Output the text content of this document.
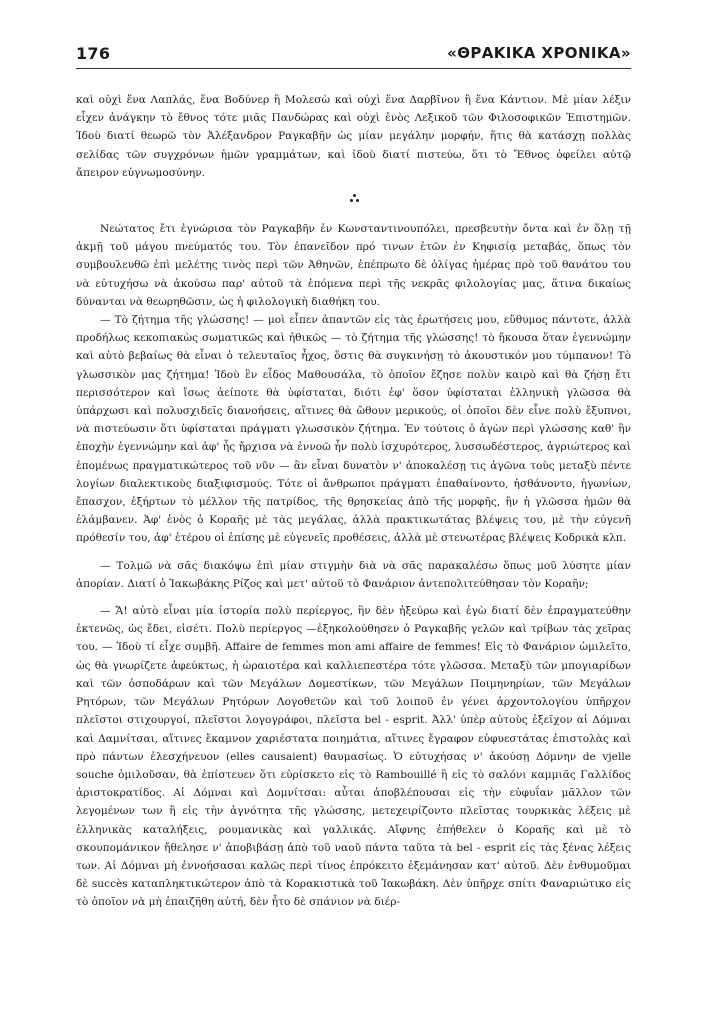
176	«ΘΡΑΚΙΚΑ ΧΡΟΝΙΚΑ»

καὶ οὐχὶ ἕνα Λαπλάς, ἕνα Βοδύνερ ἢ Μολεσὼ καὶ οὐχὶ ἕνα Δαρβῖνον ἢ ἕνα Κάντιον. Μὲ μίαν λέξιν εἶχεν ἀνάγκην τὸ ἔθνος τότε μιᾶς Πανδώρας καὶ οὐχὶ ἑνὸς Λεξικοῦ τῶν Φιλοσοφικῶν Ἐπιστημῶν. Ἰδοὺ διατί θεωρῶ τὸν Ἀλέξανδρον Ραγκαβῆν ὡς μίαν μεγάλην μορφήν, ἥτις θὰ κατάσχῃ πολλὰς σελίδας τῶν συγχρόνων ἡμῶν γραμμάτων, καὶ ἰδοὺ διατί πιστεύω, ὅτι τὸ Ἔθνος ὀφείλει αὐτῷ ἄπειρον εὐγνωμοσύνην.

Νεώτατος ἔτι ἐγνώρισα τὸν Ραγκαβῆν ἐν Κωνσταντινουπόλει, πρεσβευτὴν ὄντα καὶ ἐν ὅλῃ τῇ ἀκμῇ τοῦ μάγου πνεύματός του. Τὸν ἐπανεῖδον πρό τινων ἐτῶν ἐν Κηφισίᾳ μεταβάς, ὅπως τὸν συμβουλευθῶ ἐπὶ μελέτης τινὸς περὶ τῶν Ἀθηνῶν, ἐπέπρωτο δὲ ὀλίγας ἡμέρας πρὸ τοῦ θανάτου του νὰ εὐτυχήσω νὰ ἀκούσω παρ' αὐτοῦ τὰ ἑπόμενα περὶ τῆς νεκρᾶς φιλολογίας μας, ἅτινα δικαίως δύνανται νὰ θεωρηθῶσιν, ὡς ἡ φιλολογικὴ διαθήκη του.

— Τὸ ζήτημα τῆς γλώσσης! — μοὶ εἶπεν ἀπαντῶν εἰς τὰς ἐρωτήσεις μου, εὔθυμος πάντοτε, ἀλλὰ προδήλως κεκοπιακὼς σωματικῶς καὶ ἠθικῶς — τὸ ζήτημα τῆς γλώσσης! τὸ ἤκουσα ὅταν ἐγεννώμην καὶ αὐτὸ βεβαίως θὰ εἶναι ὁ τελευταῖος ἦχος, ὅστις θὰ συγκινήσῃ τὸ ἀκουστικόν μου τύμπανον! Τὸ γλωσσικὸν μας ζήτημα! Ἰδοὺ ἓν εἶδος Μαθουσάλα, τὸ ὁποῖον ἔζησε πολὺν καιρὸ καὶ θὰ ζήσῃ ἔτι περισσότερον καὶ ἴσως ἀείποτε θὰ ὑφίσταται, διότι ἐφ' ὅσον ὑφίσταται ἑλληνικὴ γλῶσσα θὰ ὑπάρχωσι καὶ πολυσχιδεῖς διανοήσεις, αἵτινες θὰ ὤθουν μερικούς, οἱ ὁποῖοι δὲν εἶνε πολὺ ἔξυπνοι, νὰ πιστεύωσιν ὅτι ὑφίσταται πράγματι γλωσσικὸν ζήτημα. Ἐν τούτοις ὁ ἀγὼν περὶ γλώσσης καθ' ἣν ἐποχὴν ἐγεννώμην καὶ ἀφ' ἧς ἤρχισα νὰ ἐννοῶ ἦν πολὺ ἰσχυρότερος, λυσσωδέστερος, ἀγριώτερος καὶ ἑπομένως πραγματικώτερος τοῦ νῦν — ἂν εἶναι δυνατὸν ν' ἀποκαλέσῃ τις ἀγῶνα τοὺς μεταξὺ πέντε λογίων διαλεκτικοὺς διαξιφισμούς. Τότε οἱ ἄνθρωποι πράγματι ἐπαθαίνοντο, ἠσθάνοντο, ἠγωνίων, ἔπασχον, ἐξήρτων τὸ μέλλον τῆς πατρίδος, τῆς θρησκείας ἀπὸ τῆς μορφῆς, ἣν ἡ γλῶσσα ἡμῶν θὰ ἐλάμβανεν. Ἀφ' ἑνὸς ὁ Κοραῆς μὲ τὰς μεγάλας, ἀλλὰ πρακτικωτάτας βλέψεις του, μὲ τὴν εὐγενῆ πρόθεσίν του, ἀφ' ἑτέρου οἱ ἐπίσης μὲ εὐγενεῖς προθέσεις, ἀλλὰ μὲ στενωτέρας βλέψεις Κοδρικὰ κλπ.

— Τολμῶ νὰ σᾶς διακόψω ἐπὶ μίαν στιγμὴν διὰ νὰ σᾶς παρακαλέσω ὅπως μοῦ λύσητε μίαν ἀπορίαν. Διατί ὁ Ἰακωβάκης Ρίζος καὶ μετ' αὐτοῦ τὸ Φανάριον ἀντεπολιτεύθησαν τὸν Κοραῆν;

— Ἄ! αὐτὸ εἶναι μία ἱστορία πολὺ περίεργος, ἣν δὲν ἠξεύρω καὶ ἐγὼ διατί δὲν ἐπραγματεύθην ἐκτενῶς, ὡς ἔδει, εἰσέτι. Πολὺ περίεργος —ἐξηκολούθησεν ὁ Ραγκαβῆς γελῶν καὶ τρίβων τὰς χεῖρας του. — Ἰδοὺ τί εἶχε συμβῆ. Affaire de femmes mon ami affaire de femmes! Εἰς τὸ Φανάριον ὡμιλεῖτο, ὡς θὰ γνωρίζετε ἀφεύκτως, ἡ ὡραιοτέρα καὶ καλλιεπεστέρα τότε γλῶσσα. Μεταξὺ τῶν μπογιαρίδων καὶ τῶν ὀσποδάρων καὶ τῶν Μεγάλων Δομεστίκων, τῶν Μεγάλων Ποιμηνηρίων, τῶν Μεγάλων Ρητόρων, τῶν Μεγάλων Ρητόρων Λογοθετῶν καὶ τοῦ λοιποῦ ἐν γένει ἀρχοντολογίου ὑπῆρχον πλεῖστοι στιχουργοί, πλεῖστοι λογογράφοι, πλεῖστα bel - esprit. Ἀλλ' ὑπὲρ αὐτοὺς ἐξεῖχον αἱ Δόμναι καὶ Δαμνίτσαι, αἵτινες ἔκαμνον χαριέστατα ποιημάτια, αἵτινες ἔγραφον εὐφυεστάτας ἐπιστολὰς καὶ πρὸ πάντων ἐλεσχήνευον (elles causaient) θαυμασίως. Ὁ εὐτυχήσας ν' ἀκούσῃ Δόμνην de vjelle souche ὁμιλοῦσαν, θὰ ἐπίστευεν ὅτι εὑρίσκετο εἰς τὸ Rambouillé ἢ εἰς τὸ σαλόνι καμμιᾶς Γαλλίδος ἀριστοκρατίδος. Αἱ Δόμναι καὶ Δομνίτσαι: αὗται ἀποβλέπουσαι εἰς τὴν εὐφυΐαν μᾶλλον τῶν λεγομένων των ἢ εἰς τὴν ἁγνότητα τῆς γλώσσης, μετεχειρίζοντο πλεῖστας τουρκικὰς λέξεις μὲ ἑλληνικὰς καταλήξεις, ρουμανικὰς καὶ γαλλικάς. Αἴφνης ἐπήθελεν ὁ Κοραῆς καὶ μὲ τὸ σκουπομάνικον ἤθελησε ν' ἀποβιβάσῃ ἀπὸ τοῦ ναοῦ πάντα ταῦτα τὰ bel - esprit εἰς τὰς ξένας λέξεις των. Αἱ Δόμναι μὴ ἐννοήσασαι καλῶς περὶ τίνος ἐπρόκειτο ἐξεμάνησαν κατ' αὐτοῦ. Δὲν ἐνθυμοῦμαι δὲ succès καταπληκτικώτερον ἀπὸ τὰ Κορακιστικὰ τοῦ Ἰακωβάκη. Δὲν ὑπῆρχε σπίτι Φαναριώτικο εἰς τὸ ὁποῖον νὰ μὴ ἐπαιζῆθη αὐτή, δὲν ἦτο δὲ σπάνιον νὰ διέρ-
